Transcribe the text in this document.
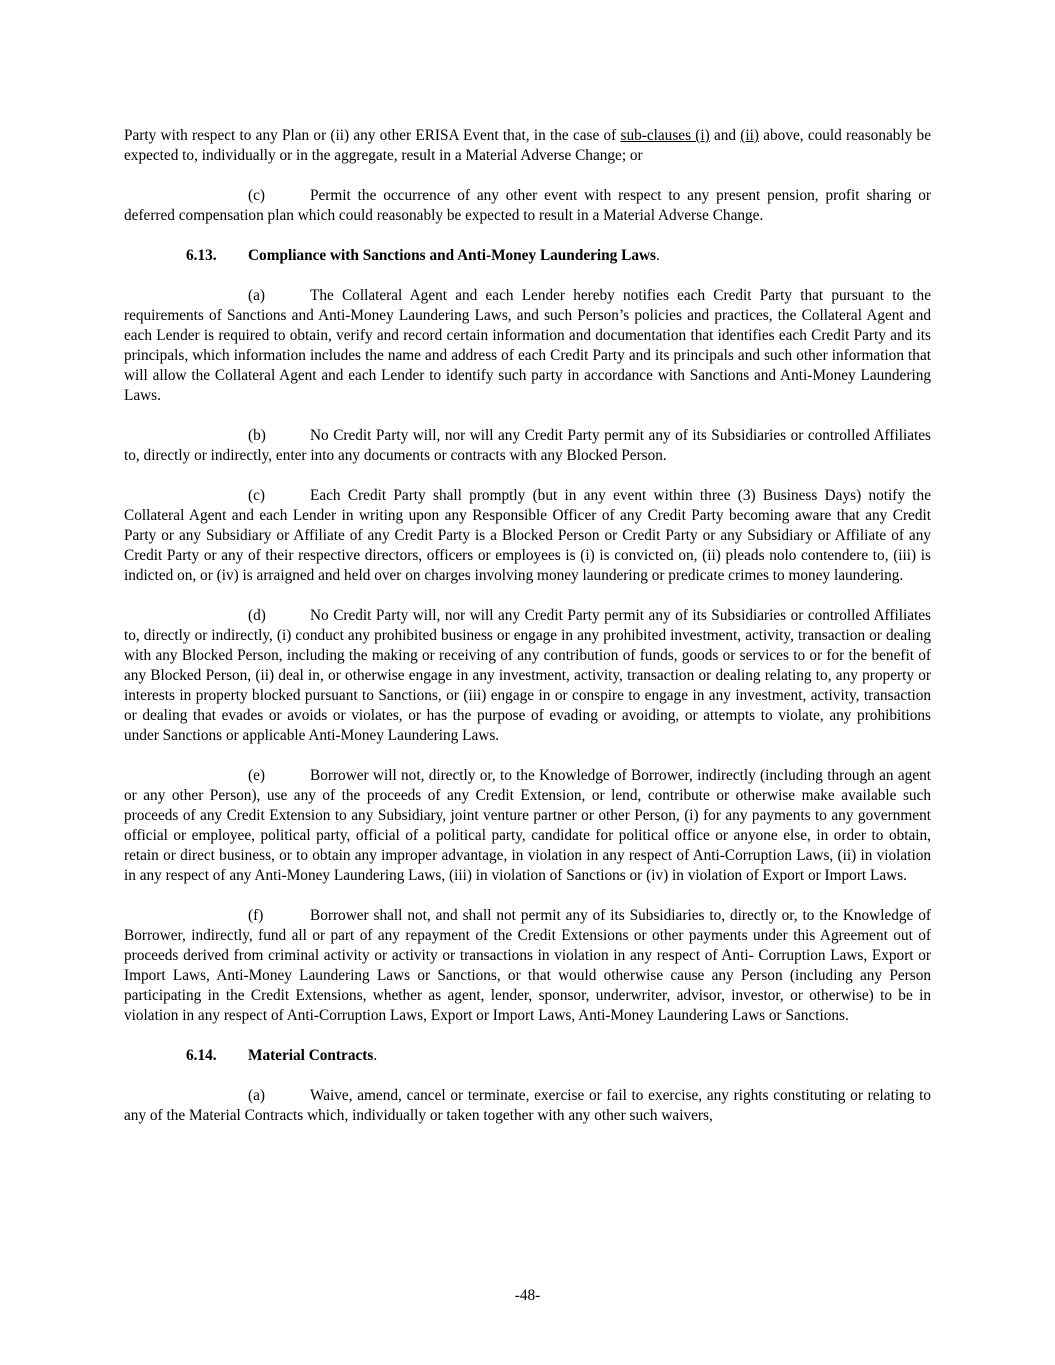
Party with respect to any Plan or (ii) any other ERISA Event that, in the case of sub-clauses (i) and (ii) above, could reasonably be expected to, individually or in the aggregate, result in a Material Adverse Change; or

(c)	Permit the occurrence of any other event with respect to any present pension, profit sharing or deferred compensation plan which could reasonably be expected to result in a Material Adverse Change.

6.13. Compliance with Sanctions and Anti-Money Laundering Laws.

(a)	The Collateral Agent and each Lender hereby notifies each Credit Party that pursuant to the requirements of Sanctions and Anti-Money Laundering Laws, and such Person’s policies and practices, the Collateral Agent and each Lender is required to obtain, verify and record certain information and documentation that identifies each Credit Party and its principals, which information includes the name and address of each Credit Party and its principals and such other information that will allow the Collateral Agent and each Lender to identify such party in accordance with Sanctions and Anti-Money Laundering Laws.

(b)	No Credit Party will, nor will any Credit Party permit any of its Subsidiaries or controlled Affiliates to, directly or indirectly, enter into any documents or contracts with any Blocked Person.

(c)	Each Credit Party shall promptly (but in any event within three (3) Business Days) notify the Collateral Agent and each Lender in writing upon any Responsible Officer of any Credit Party becoming aware that any Credit Party or any Subsidiary or Affiliate of any Credit Party is a Blocked Person or Credit Party or any Subsidiary or Affiliate of any Credit Party or any of their respective directors, officers or employees is (i) is convicted on, (ii) pleads nolo contendere to, (iii) is indicted on, or (iv) is arraigned and held over on charges involving money laundering or predicate crimes to money laundering.

(d)	No Credit Party will, nor will any Credit Party permit any of its Subsidiaries or controlled Affiliates to, directly or indirectly, (i) conduct any prohibited business or engage in any prohibited investment, activity, transaction or dealing with any Blocked Person, including the making or receiving of any contribution of funds, goods or services to or for the benefit of any Blocked Person, (ii) deal in, or otherwise engage in any investment, activity, transaction or dealing relating to, any property or interests in property blocked pursuant to Sanctions, or (iii) engage in or conspire to engage in any investment, activity, transaction or dealing that evades or avoids or violates, or has the purpose of evading or avoiding, or attempts to violate, any prohibitions under Sanctions or applicable Anti-Money Laundering Laws.

(e)	Borrower will not, directly or, to the Knowledge of Borrower, indirectly (including through an agent or any other Person), use any of the proceeds of any Credit Extension, or lend, contribute or otherwise make available such proceeds of any Credit Extension to any Subsidiary, joint venture partner or other Person, (i) for any payments to any government official or employee, political party, official of a political party, candidate for political office or anyone else, in order to obtain, retain or direct business, or to obtain any improper advantage, in violation in any respect of Anti-Corruption Laws, (ii) in violation in any respect of any Anti-Money Laundering Laws, (iii) in violation of Sanctions or (iv) in violation of Export or Import Laws.

(f)	Borrower shall not, and shall not permit any of its Subsidiaries to, directly or, to the Knowledge of Borrower, indirectly, fund all or part of any repayment of the Credit Extensions or other payments under this Agreement out of proceeds derived from criminal activity or activity or transactions in violation in any respect of Anti- Corruption Laws, Export or Import Laws, Anti-Money Laundering Laws or Sanctions, or that would otherwise cause any Person (including any Person participating in the Credit Extensions, whether as agent, lender, sponsor, underwriter, advisor, investor, or otherwise) to be in violation in any respect of Anti-Corruption Laws, Export or Import Laws, Anti-Money Laundering Laws or Sanctions.

6.14. Material Contracts.

(a)	Waive, amend, cancel or terminate, exercise or fail to exercise, any rights constituting or relating to any of the Material Contracts which, individually or taken together with any other such waivers,

-48-
